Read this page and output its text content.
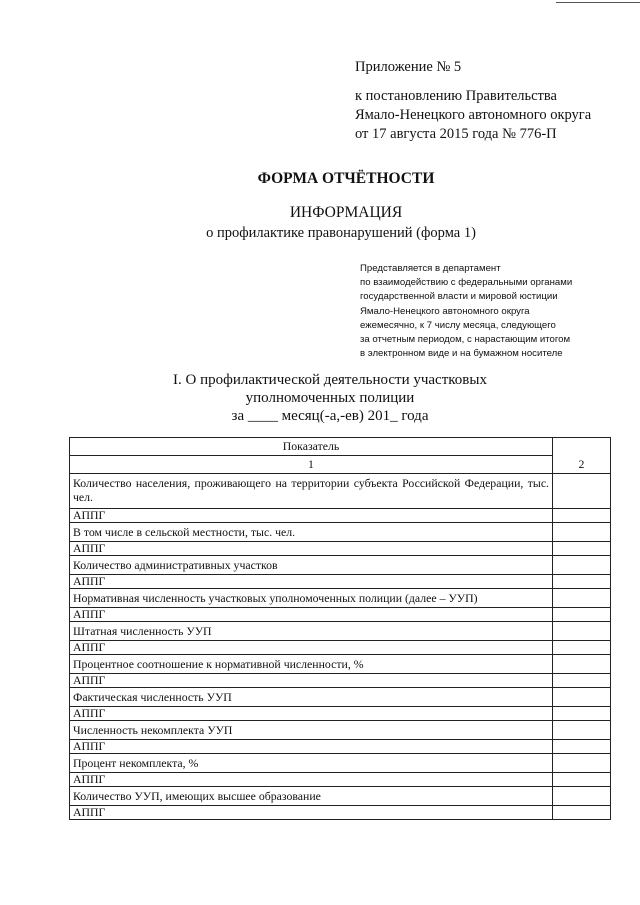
Приложение № 5
к постановлению Правительства
Ямало-Ненецкого автономного округа
от 17 августа 2015 года № 776-П
ФОРМА ОТЧЁТНОСТИ
ИНФОРМАЦИЯ
о профилактике правонарушений (форма 1)
Представляется в департамент
по взаимодействию с федеральными органами
государственной власти и мировой юстиции
Ямало-Ненецкого автономного округа
ежемесячно, к 7 числу месяца, следующего
за отчетным периодом, с нарастающим итогом
в электронном виде и на бумажном носителе
I. О профилактической деятельности участковых
уполномоченных полиции
за ____ месяц(-а,-ев) 201_ года
Показатель	2
1	
Количество населения, проживающего на территории субъекта Российской Федерации, тыс. чел.	
АППГ	
В том числе в сельской местности, тыс. чел.	
АППГ	
Количество административных участков	
АППГ	
Нормативная численность участковых уполномоченных полиции (далее – УУП)	
АППГ	
Штатная численность УУП	
АППГ	
Процентное соотношение к нормативной численности, %	
АППГ	
Фактическая численность УУП	
АППГ	
Численность некомплекта УУП	
АППГ	
Процент некомплекта, %	
АППГ	
Количество УУП, имеющих высшее образование	
АППГ	
